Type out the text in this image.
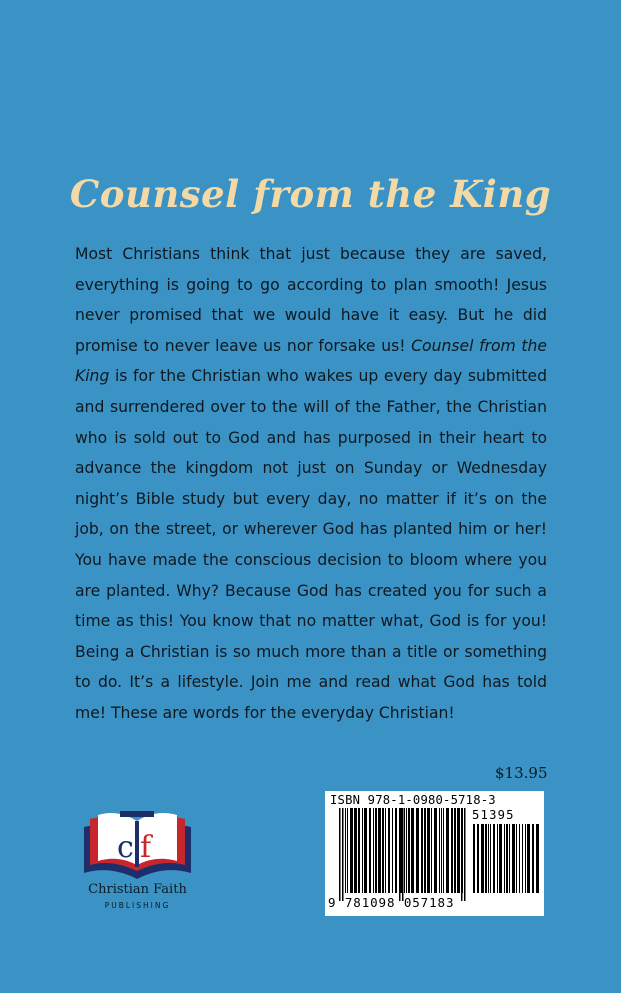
Counsel from the King

Most Christians think that just because they are saved, everything is going to go according to plan smooth! Jesus never promised that we would have it easy. But he did promise to never leave us nor forsake us! Counsel from the King is for the Christian who wakes up every day submitted and surrendered over to the will of the Father, the Christian who is sold out to God and has purposed in their heart to advance the kingdom not just on Sunday or Wednesday night’s Bible study but every day, no matter if it’s on the job, on the street, or wherever God has planted him or her! You have made the conscious decision to bloom where you are planted. Why? Because God has created you for such a time as this! You know that no matter what, God is for you! Being a Christian is so much more than a title or something to do. It’s a lifestyle. Join me and read what God has told me! These are words for the everyday Christian!

$13.95
ISBN 978-1-0980-5718-3
51395
9 781098 057183
c f
Christian Faith
PUBLISHING
